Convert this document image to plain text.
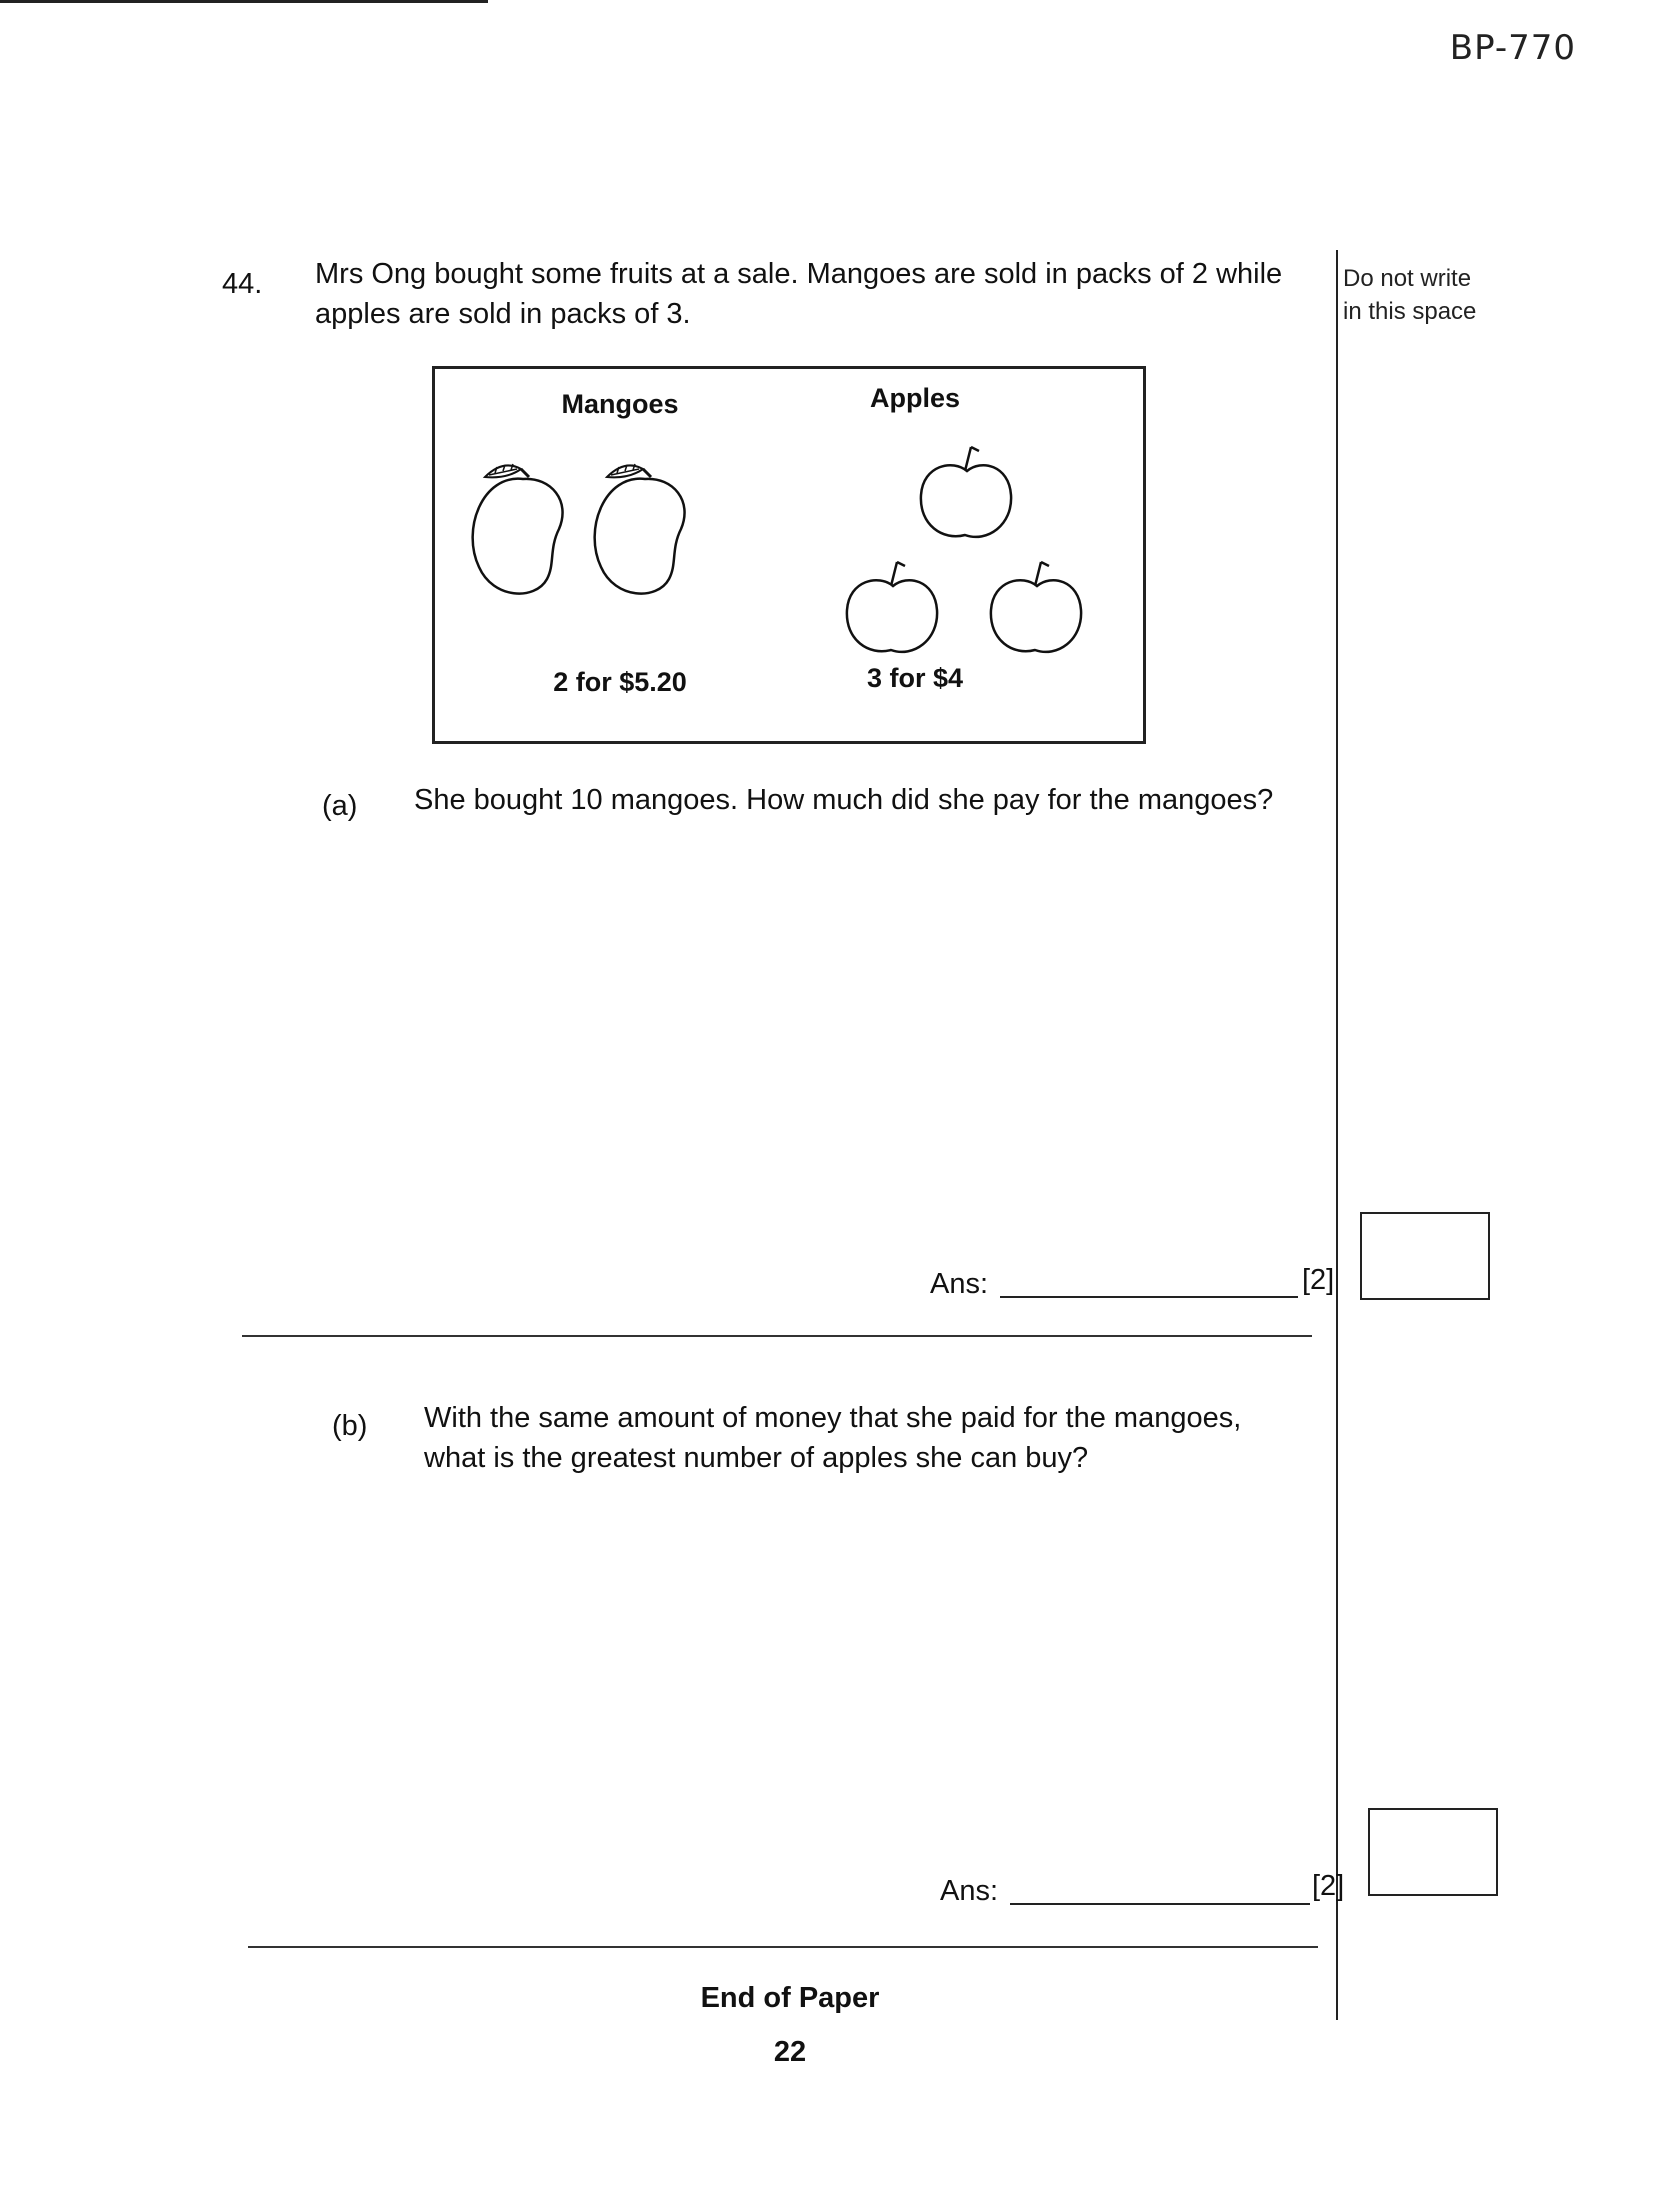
BP-770
Do not write
in this space
44. Mrs Ong bought some fruits at a sale. Mangoes are sold in packs of 2 while apples are sold in packs of 3.
Mangoes	Apples
2 for $5.20	3 for $4
(a) She bought 10 mangoes. How much did she pay for the mangoes?
Ans:	[2]
(b) With the same amount of money that she paid for the mangoes,
what is the greatest number of apples she can buy?
Ans:	[2]
End of Paper
22
